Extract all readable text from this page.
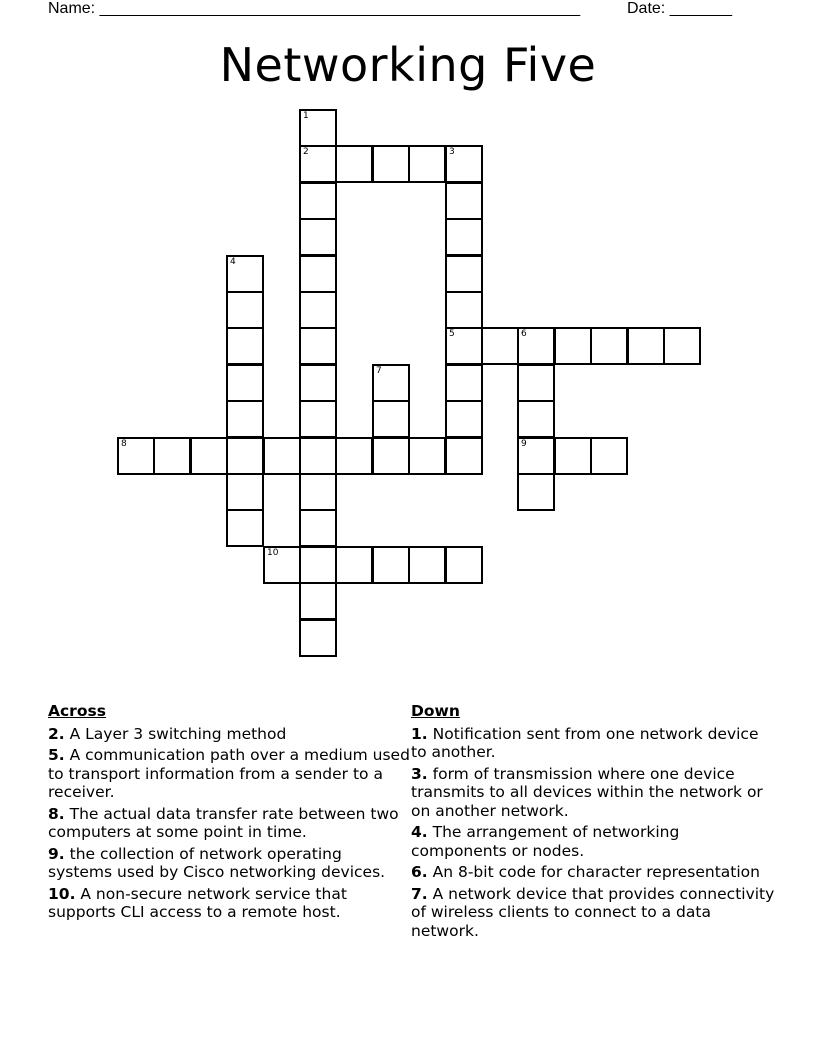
Name: ______________________________________________________	Date: _______
Networking Five
1
2	3
5
4
6
9
7
8
10
Across
2. A Layer 3 switching method
5. A communication path over a medium used to transport information from a sender to a receiver.
8. The actual data transfer rate between two computers at some point in time.
9. the collection of network operating systems used by Cisco networking devices.
10. A non-secure network service that supports CLI access to a remote host.
Down
1. Notification sent from one network device to another.
3. form of transmission where one device transmits to all devices within the network or on another network.
4. The arrangement of networking components or nodes.
6. An 8-bit code for character representation
7. A network device that provides connectivity of wireless clients to connect to a data network.
